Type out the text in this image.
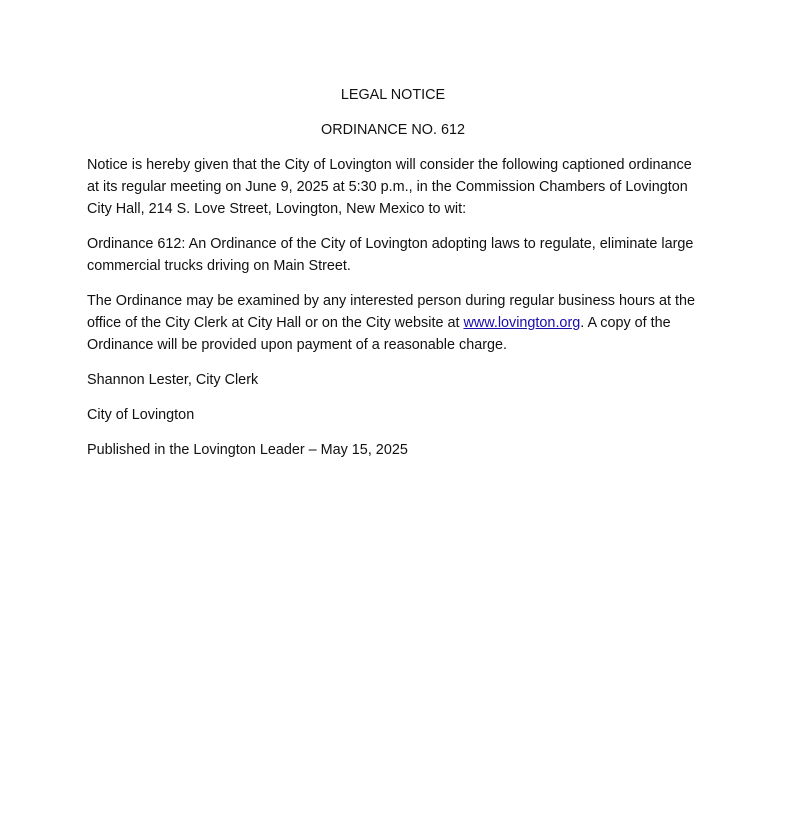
LEGAL NOTICE

ORDINANCE NO. 612

Notice is hereby given that the City of Lovington will consider the following captioned ordinance at its regular meeting on June 9, 2025 at 5:30 p.m., in the Commission Chambers of Lovington City Hall, 214 S. Love Street, Lovington, New Mexico to wit:

Ordinance 612: An Ordinance of the City of Lovington adopting laws to regulate, eliminate large commercial trucks driving on Main Street.

The Ordinance may be examined by any interested person during regular business hours at the office of the City Clerk at City Hall or on the City website at www.lovington.org. A copy of the Ordinance will be provided upon payment of a reasonable charge.

Shannon Lester, City Clerk

City of Lovington

Published in the Lovington Leader – May 15, 2025
